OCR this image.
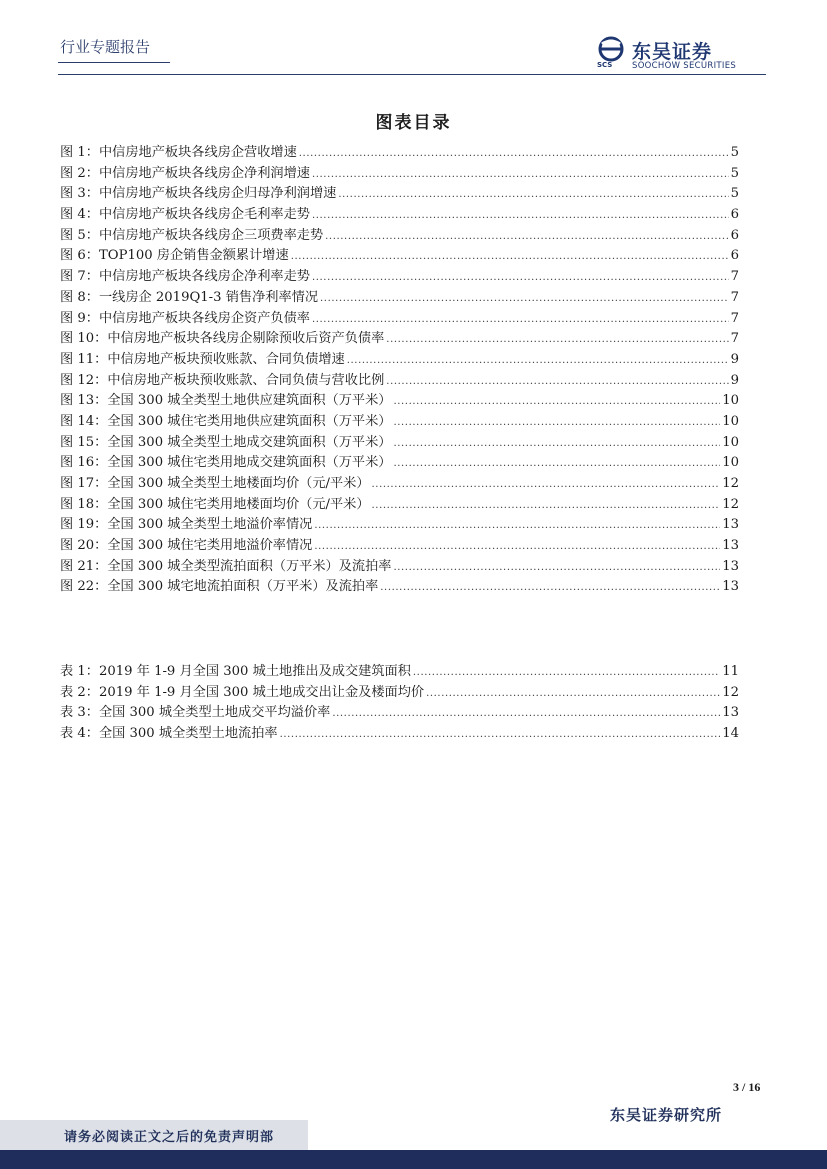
行业专题报告
SCS
东吴证券
SOOCHOW SECURITIES
图表目录
图 1：中信房地产板块各线房企营收增速 .....	5
图 2：中信房地产板块各线房企净利润增速 .....	5
图 3：中信房地产板块各线房企归母净利润增速 .....	5
图 4：中信房地产板块各线房企毛利率走势 .....	6
图 5：中信房地产板块各线房企三项费率走势 .....	6
图 6：TOP100 房企销售金额累计增速 .....	6
图 7：中信房地产板块各线房企净利率走势 .....	7
图 8：一线房企 2019Q1-3 销售净利率情况 .....	7
图 9：中信房地产板块各线房企资产负债率 .....	7
图 10：中信房地产板块各线房企剔除预收后资产负债率 .....	7
图 11：中信房地产板块预收账款、合同负债增速 .....	9
图 12：中信房地产板块预收账款、合同负债与营收比例 .....	9
图 13：全国 300 城全类型土地供应建筑面积（万平米） .....	10
图 14：全国 300 城住宅类用地供应建筑面积（万平米） .....	10
图 15：全国 300 城全类型土地成交建筑面积（万平米） .....	10
图 16：全国 300 城住宅类用地成交建筑面积（万平米） .....	10
图 17：全国 300 城全类型土地楼面均价（元/平米） .....	12
图 18：全国 300 城住宅类用地楼面均价（元/平米） .....	12
图 19：全国 300 城全类型土地溢价率情况 .....	13
图 20：全国 300 城住宅类用地溢价率情况 .....	13
图 21：全国 300 城全类型流拍面积（万平米）及流拍率 .....	13
图 22：全国 300 城宅地流拍面积（万平米）及流拍率 .....	13
表 1：2019 年 1-9 月全国 300 城土地推出及成交建筑面积 .....	11
表 2：2019 年 1-9 月全国 300 城土地成交出让金及楼面均价 .....	12
表 3：全国 300 城全类型土地成交平均溢价率 .....	13
表 4：全国 300 城全类型土地流拍率 .....	14
3 / 16
东吴证券研究所
请务必阅读正文之后的免责声明部
